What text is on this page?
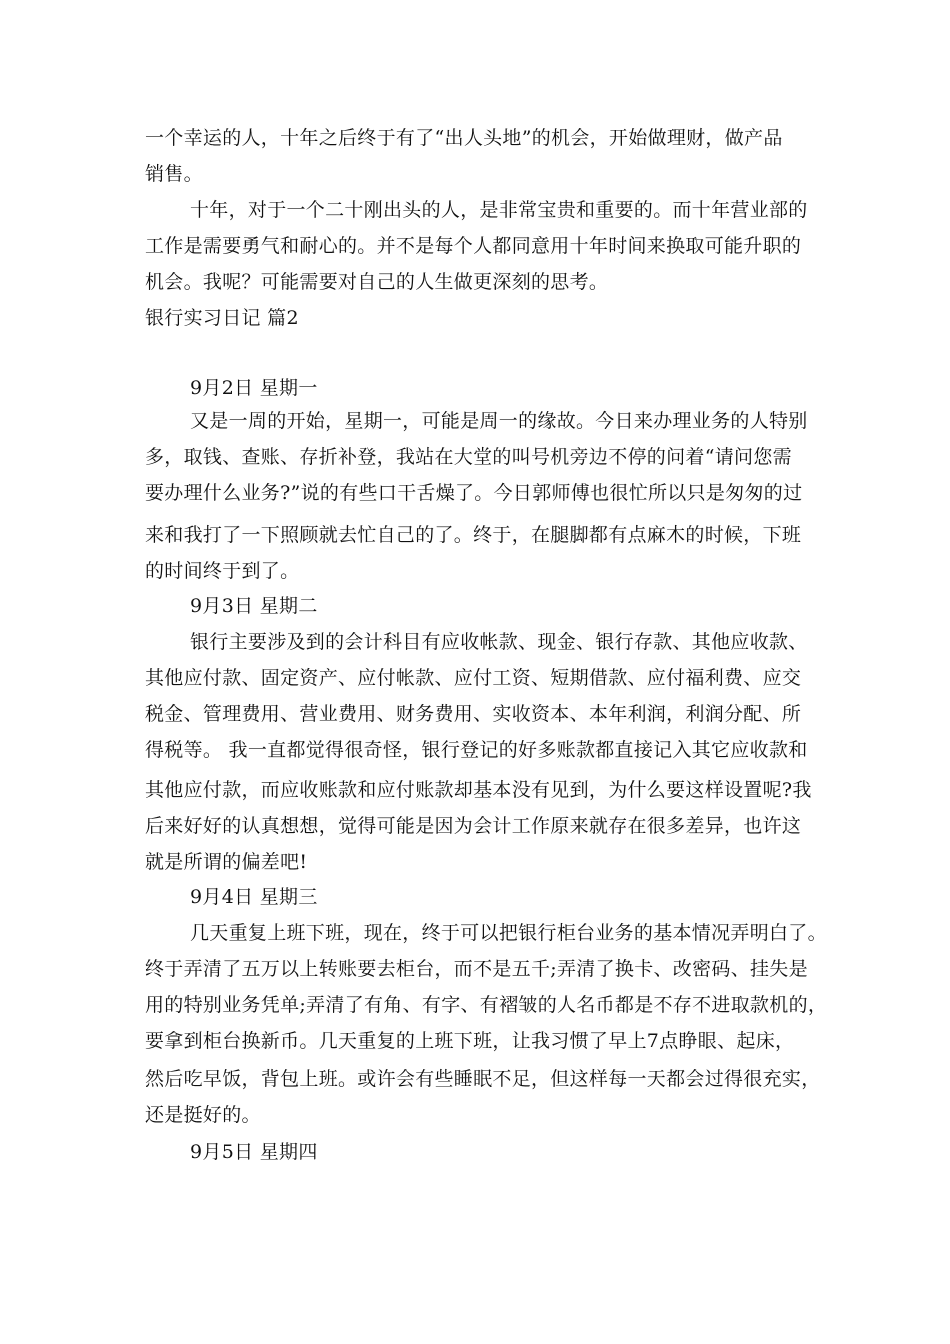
一个幸运的人，十年之后终于有了“出人头地”的机会，开始做理财，做产品
销售。
十年，对于一个二十刚出头的人，是非常宝贵和重要的。而十年营业部的
工作是需要勇气和耐心的。并不是每个人都同意用十年时间来换取可能升职的
机会。我呢？可能需要对自己的人生做更深刻的思考。
银行实习日记 篇2
9月2日 星期一
又是一周的开始，星期一，可能是周一的缘故。今日来办理业务的人特别
多，取钱、查账、存折补登，我站在大堂的叫号机旁边不停的问着“请问您需
要办理什么业务?”说的有些口干舌燥了。今日郭师傅也很忙所以只是匆匆的过
来和我打了一下照顾就去忙自己的了。终于，在腿脚都有点麻木的时候，下班
的时间终于到了。
9月3日 星期二
银行主要涉及到的会计科目有应收帐款、现金、银行存款、其他应收款、
其他应付款、固定资产、应付帐款、应付工资、短期借款、应付福利费、应交
税金、管理费用、营业费用、财务费用、实收资本、本年利润，利润分配、所
得税等。 我一直都觉得很奇怪，银行登记的好多账款都直接记入其它应收款和
其他应付款，而应收账款和应付账款却基本没有见到，为什么要这样设置呢?我
后来好好的认真想想，觉得可能是因为会计工作原来就存在很多差异，也许这
就是所谓的偏差吧!
9月4日 星期三
几天重复上班下班，现在，终于可以把银行柜台业务的基本情况弄明白了。
终于弄清了五万以上转账要去柜台，而不是五千;弄清了换卡、改密码、挂失是
用的特别业务凭单;弄清了有角、有字、有褶皱的人名币都是不存不进取款机的，
要拿到柜台换新币。几天重复的上班下班，让我习惯了早上7点睁眼、起床，
然后吃早饭，背包上班。或许会有些睡眠不足，但这样每一天都会过得很充实，
还是挺好的。
9月5日 星期四
